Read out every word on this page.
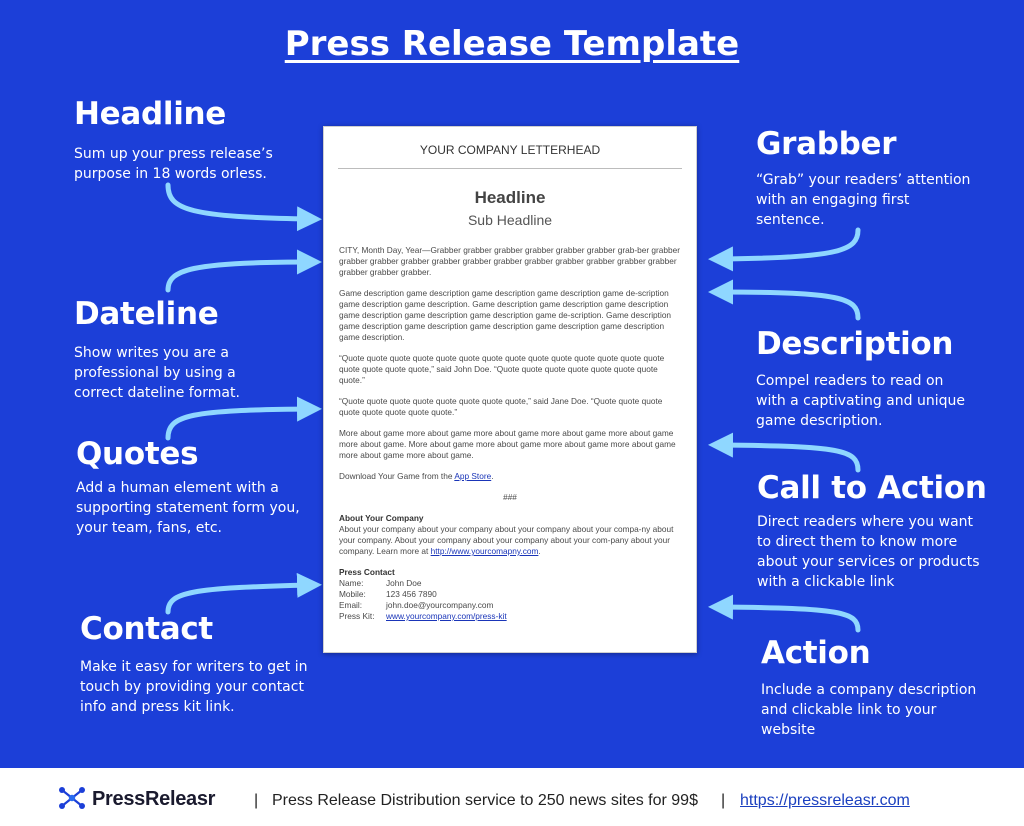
Press Release Template
Headline
Sum up your press release’s purpose in 18 words orless.
Dateline
Show writes you are a professional by using a correct dateline format.
Quotes
Add a human element with a supporting statement form you, your team, fans, etc.
Contact
Make it easy for writers to get in touch by providing your contact info and press kit link.
Grabber
“Grab” your readers’ attention with an engaging first sentence.
Description
Compel readers to read on with a captivating and unique game description.
Call to Action
Direct readers where you want to direct them to know more about your services or products with a clickable link
Action
Include a company description and clickable link to your website
YOUR COMPANY LETTERHEAD
Headline
Sub Headline

CITY, Month Day, Year—Grabber grabber grabber grabber grabber grabber grab-ber grabber grabber grabber grabber grabber grabber grabber grabber grabber grabber grabber grabber grabber grabber grabber.

Game description game description game description game description game de-scription game description game description. Game description game description game description game description game description game description game de-scription. Game description game description game description game description game description game description game description.

“Quote quote quote quote quote quote quote quote quote quote quote quote quote quote quote quote quote quote,” said John Doe. “Quote quote quote quote quote quote quote quote.”

“Quote quote quote quote quote quote quote quote,” said Jane Doe. “Quote quote quote quote quote quote quote quote.”

More about game more about game more about game more about game more about game more about game. More about game more about game more about game more about game more about game more about game.

Download Your Game from the App Store.

###

About Your Company

About your company about your company about your company about your compa-ny about your company. About your company about your company about your com-pany about your company. Learn more at http://www.yourcomapny.com.

Press Contact
Name:	John Doe
Mobile:	123 456 7890
Email:	john.doe@yourcompany.com
Press Kit:	www.yourcompany.com/press-kit
PressReleasr | Press Release Distribution service to 250 news sites for 99$ | https://pressreleasr.com
